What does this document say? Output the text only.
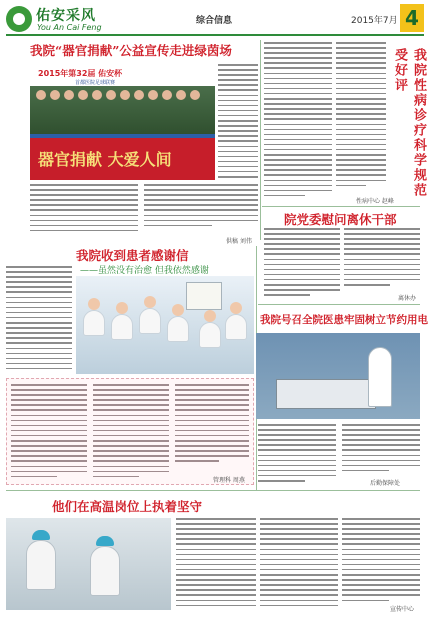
佑安采风
You An Cai Feng
综合信息	2015年7月 4
我院“器官捐献”公益宣传走进绿茵场
2015年第32届 佑安杯
首都医院足球联赛
器官捐献 大爱人间
供稿 刘伟
我院收到患者感谢信
——虽然没有治愈 但我依然感谢
管理科 周燕
他们在高温岗位上执着坚守
宣传中心
我院性病诊疗科学规范受好评
性病中心 赵峰
院党委慰问离休干部
离休办
我院号召全院医患牢固树立节约用电
后勤保障处
